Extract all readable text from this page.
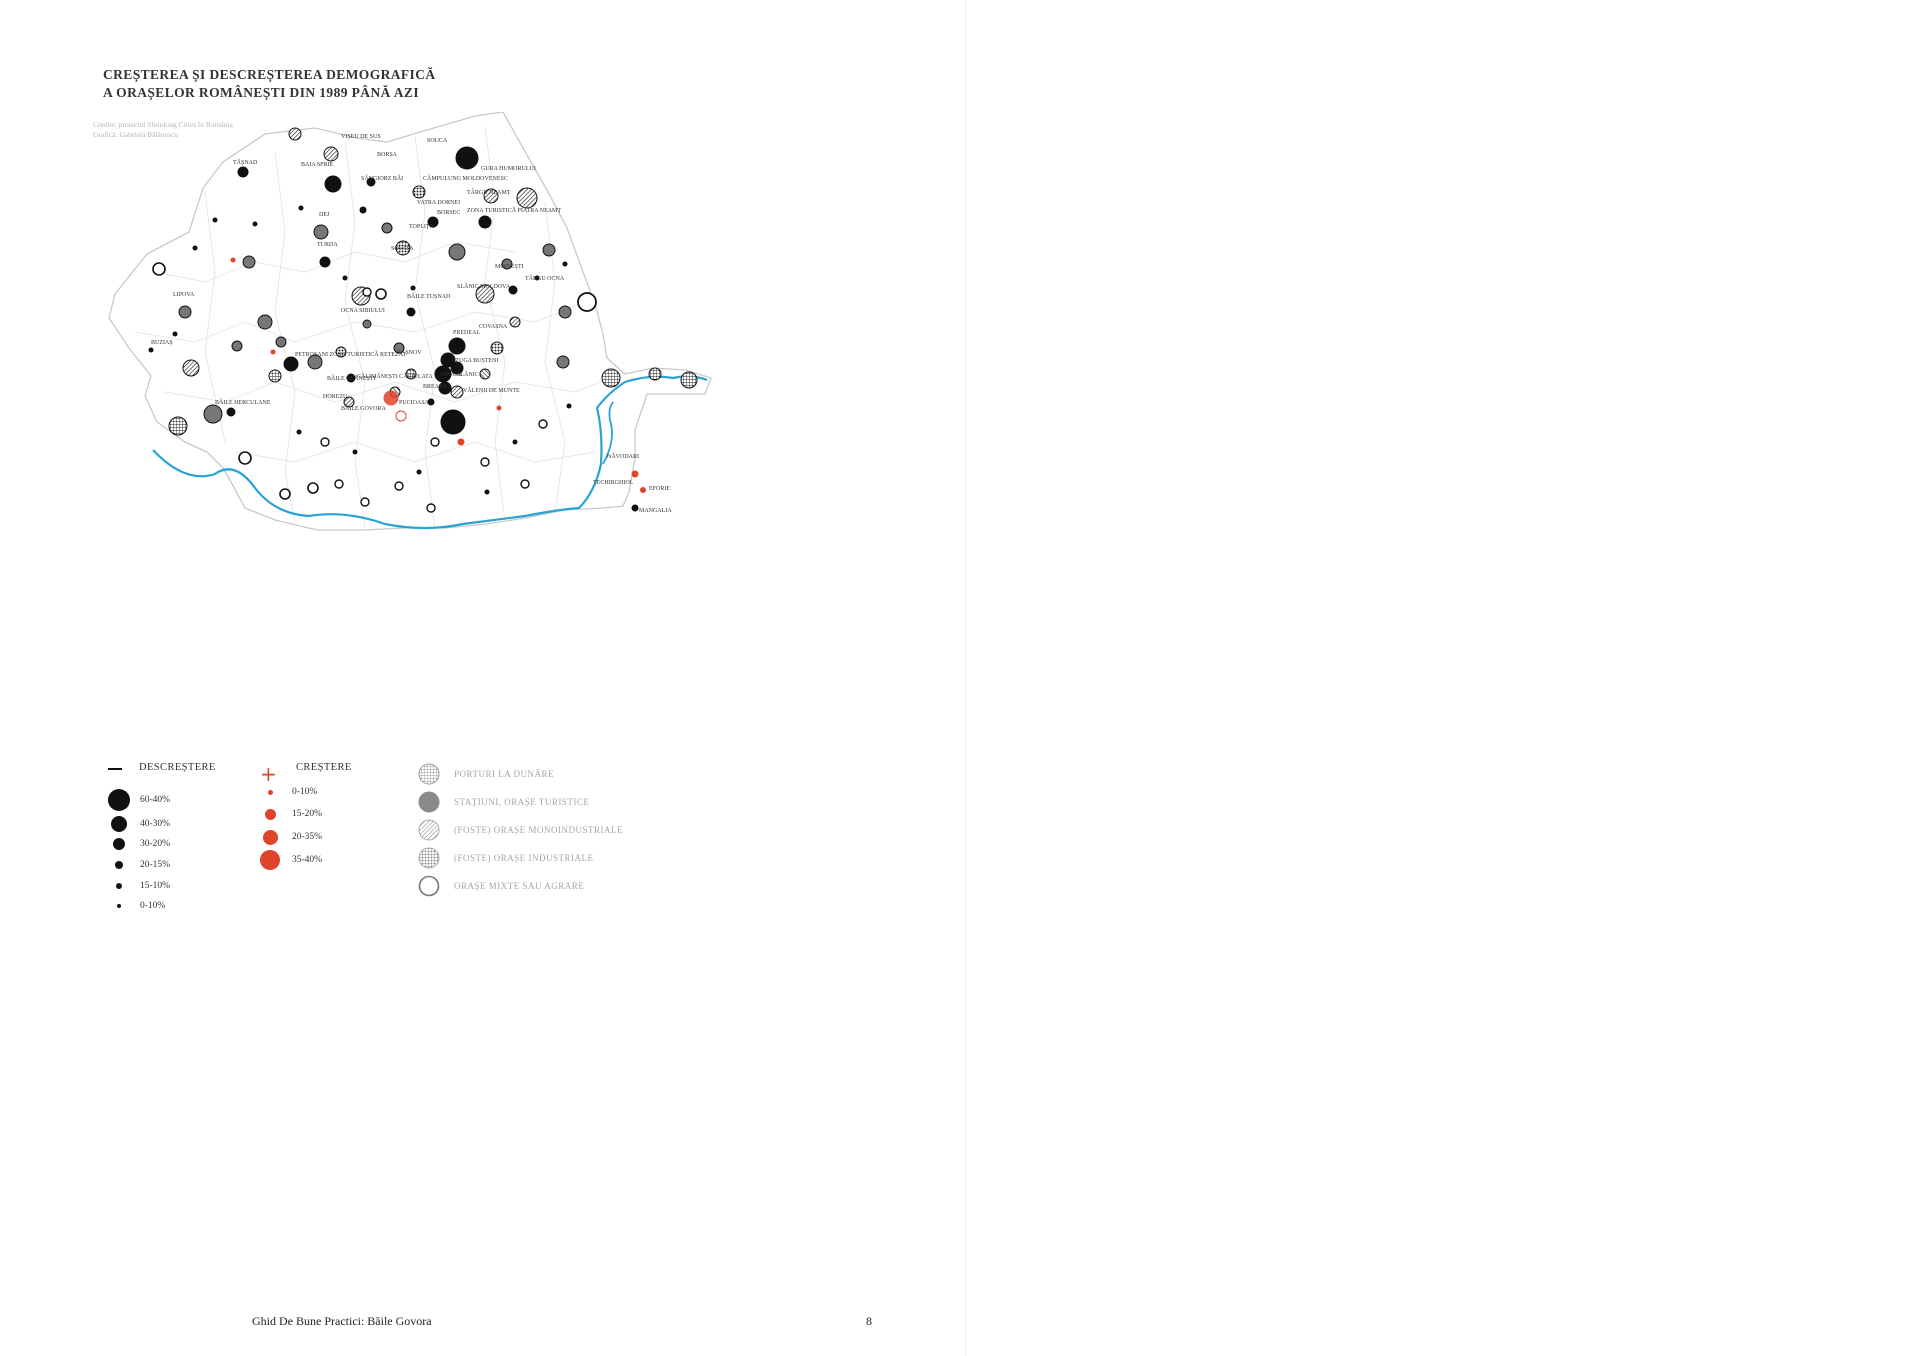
CREȘTEREA ȘI DESCREȘTEREA DEMOGRAFICĂ
A ORAȘELOR ROMÂNEȘTI DIN 1989 PÂNĂ AZI
Credits: proiectul Shrinking Cities în România
Grafică: Gabriela Bălănescu	VIȘEU DE SUS
SOUCA
BORȘA
TĂȘNAD	BAIA SPRIE
GURA HUMORULUI
SĂNGIORZ BĂI	CÂMPULUNG MOLDOVENESC
TÂRGU NEAMȚ
VATRA DORNEI
DEJ	BORSEC ZONA TURISTICĂ PIATRA NEAMȚ
TOPLIȚA
TURDA
SOVATA
MOINEȘTI
TÂRGU OCNA
LIPOVA
SLĂNIC MOLDOVA
BĂILE TUȘNAD
OCNA SIBIULUI
COVASNA
BUZIAȘ
PREDEAL
PETROȘANI ZONA TURISTICĂ RETEZAT
RÂȘNOV
AZUGA BUȘTENI
SINAIA
SLĂNIC
BĂILE OLĂNEȘTI
CĂLIMĂNEȘTI CĂCIULATA
BREAZA
VĂLENII DE MUNTE
BĂILE HERCULANE
HOREZU
BĂILE GOVORA
PUCIOASA
NĂVODARI
TECHIRGHIOL
EFORIE
MANGALIA
DESCREȘTERE
60-40%
40-30%
30-20%
20-15%
15-10%
0-10%
+ CREȘTERE
0-10%
15-20%
20-35%
35-40%
PORTURI LA DUNĂRE
STAȚIUNI, ORAȘE TURISTICE
(FOSTE) ORAȘE MONOINDUSTRIALE
(FOSTE) ORAȘE INDUSTRIALE
ORAȘE MIXTE SAU AGRARE
Ghid De Bune Practici: Băile Govora	8
